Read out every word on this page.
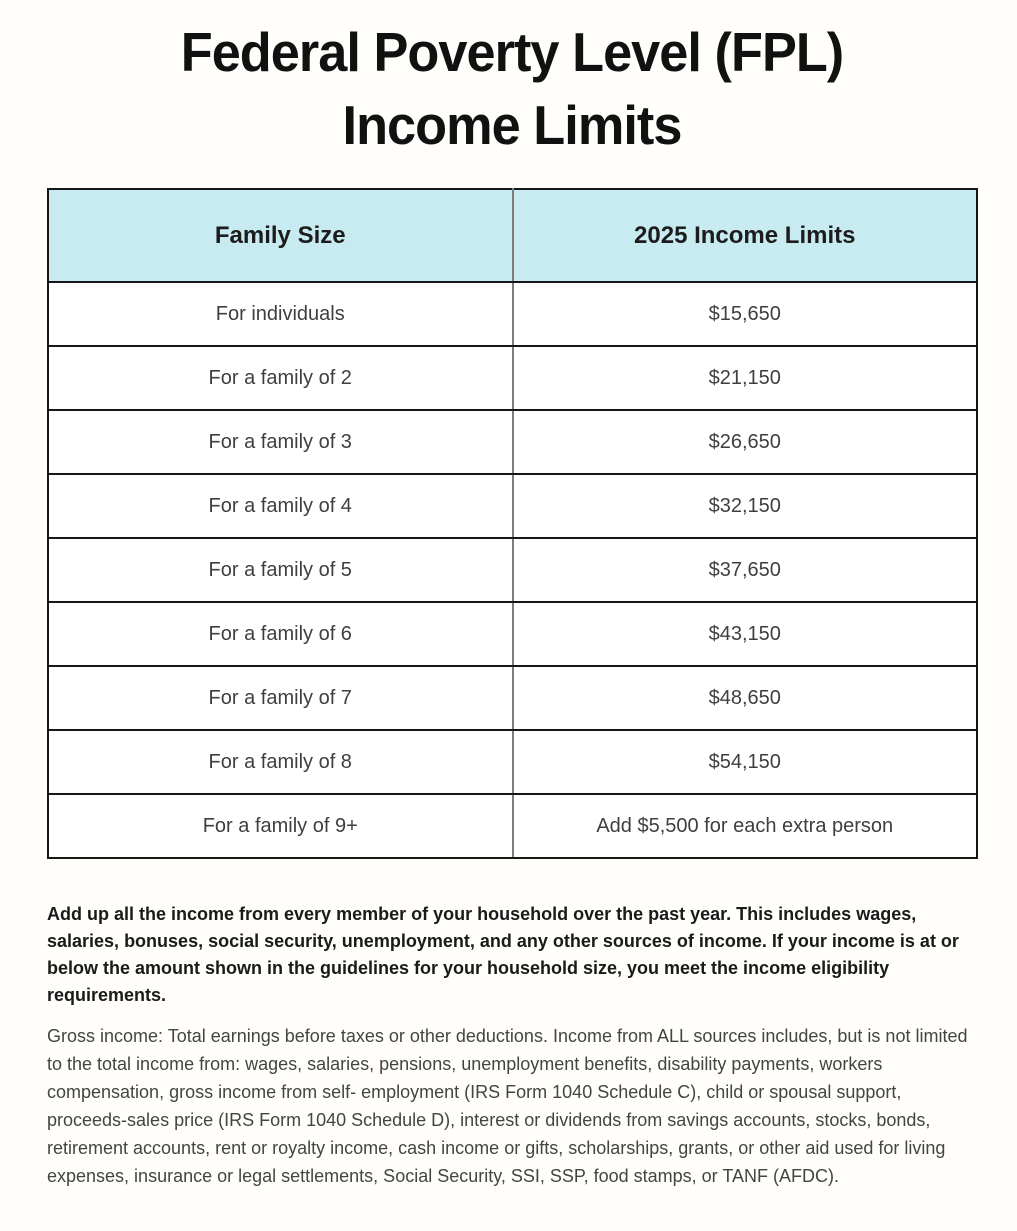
Federal Poverty Level (FPL)
Income Limits
Family Size	2025 Income Limits
For individuals	$15,650
For a family of 2	$21,150
For a family of 3	$26,650
For a family of 4	$32,150
For a family of 5	$37,650
For a family of 6	$43,150
For a family of 7	$48,650
For a family of 8	$54,150
For a family of 9+	Add $5,500 for each extra person

Add up all the income from every member of your household over the past year. This includes wages, salaries, bonuses, social security, unemployment, and any other sources of income. If your income is at or below the amount shown in the guidelines for your household size, you meet the income eligibility requirements.

Gross income: Total earnings before taxes or other deductions. Income from ALL sources includes, but is not limited to the total income from: wages, salaries, pensions, unemployment benefits, disability payments, workers compensation, gross income from self- employment (IRS Form 1040 Schedule C), child or spousal support, proceeds-sales price (IRS Form 1040 Schedule D), interest or dividends from savings accounts, stocks, bonds, retirement accounts, rent or royalty income, cash income or gifts, scholarships, grants, or other aid used for living expenses, insurance or legal settlements, Social Security, SSI, SSP, food stamps, or TANF (AFDC).
